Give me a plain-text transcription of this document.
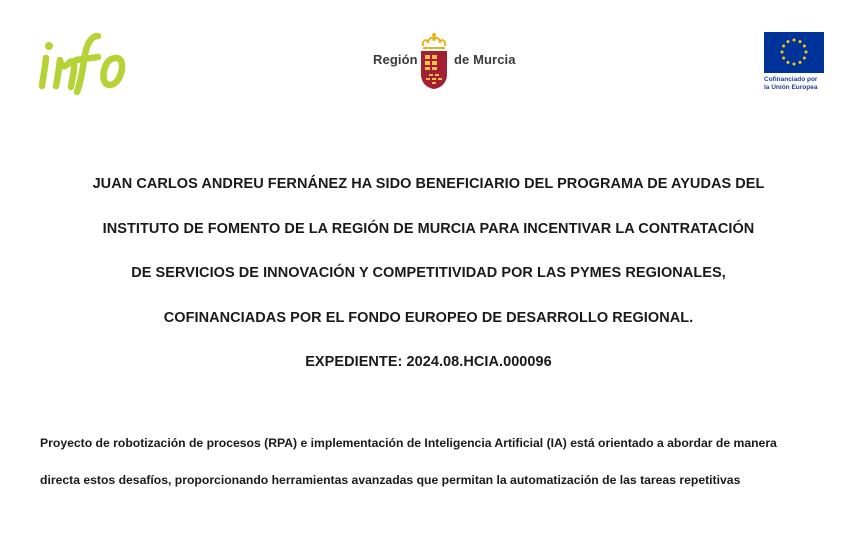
Región	de Murcia
Cofinanciado por
la Unión Europea
JUAN CARLOS ANDREU FERNÁNEZ HA SIDO BENEFICIARIO DEL PROGRAMA DE AYUDAS DEL
INSTITUTO DE FOMENTO DE LA REGIÓN DE MURCIA PARA INCENTIVAR LA CONTRATACIÓN
DE SERVICIOS DE INNOVACIÓN Y COMPETITIVIDAD POR LAS PYMES REGIONALES,
COFINANCIADAS POR EL FONDO EUROPEO DE DESARROLLO REGIONAL.
EXPEDIENTE: 2024.08.HCIA.000096
Proyecto de robotización de procesos (RPA) e implementación de Inteligencia Artificial (IA) está orientado a abordar de manera
directa estos desafíos, proporcionando herramientas avanzadas que permitan la automatización de las tareas repetitivas
